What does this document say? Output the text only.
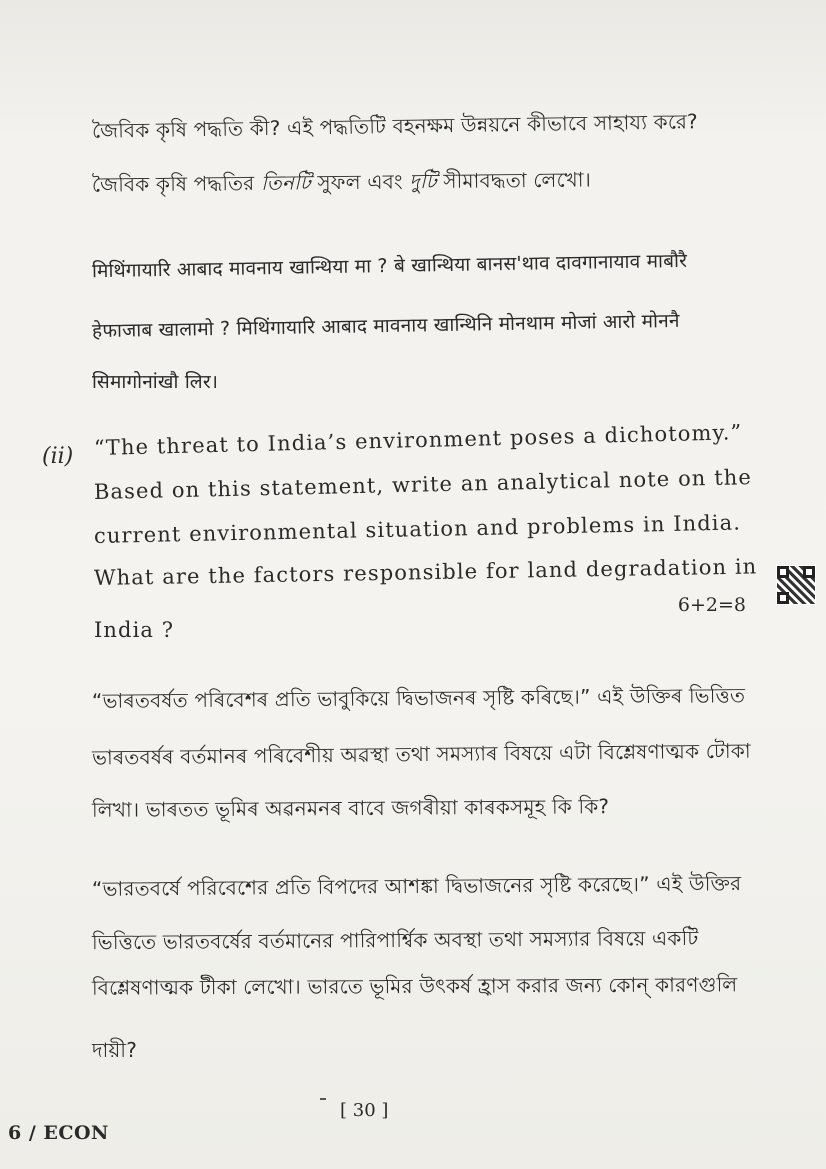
জৈবিক কৃষি পদ্ধতি কী? এই পদ্ধতিটি বহনক্ষম উন্নয়নে কীভাবে সাহায্য করে?

জৈবিক কৃষি পদ্ধতির তিনটি সুফল এবং দুটি সীমাবদ্ধতা লেখো।

मिथिंगायारि आबाद मावनाय खान्थिया मा ? बे खान्थिया बानस'थाव दावगानायाव माबौरै

हेफाजाब खालामो ? मिथिंगायारि आबाद मावनाय खान्थिनि मोनथाम मोजां आरो मोननै

सिमागोनांखौ लिर।

(ii) “The threat to India’s environment poses a dichotomy.”

Based on this statement, write an analytical note on the

current environmental situation and problems in India.

What are the factors responsible for land degradation in

India ?

6+2=8

“ভাৰতবৰ্ষত পৰিবেশৰ প্ৰতি ভাবুকিয়ে দ্বিভাজনৰ সৃষ্টি কৰিছে।” এই উক্তিৰ ভিত্তিত

ভাৰতবৰ্ষৰ বৰ্তমানৰ পৰিবেশীয় অৱস্থা তথা সমস্যাৰ বিষয়ে এটা বিশ্লেষণাত্মক টোকা

লিখা। ভাৰতত ভূমিৰ অৱনমনৰ বাবে জগৰীয়া কাৰকসমূহ কি কি?

“ভারতবর্ষে পরিবেশের প্রতি বিপদের আশঙ্কা দ্বিভাজনের সৃষ্টি করেছে।” এই উক্তির

ভিত্তিতে ভারতবর্ষের বর্তমানের পারিপার্শ্বিক অবস্থা তথা সমস্যার বিষয়ে একটি

বিশ্লেষণাত্মক টীকা লেখো। ভারতে ভূমির উৎকর্ষ হ্রাস করার জন্য কোন্ কারণগুলি

দায়ী?

[ 30 ]

6 / ECON
